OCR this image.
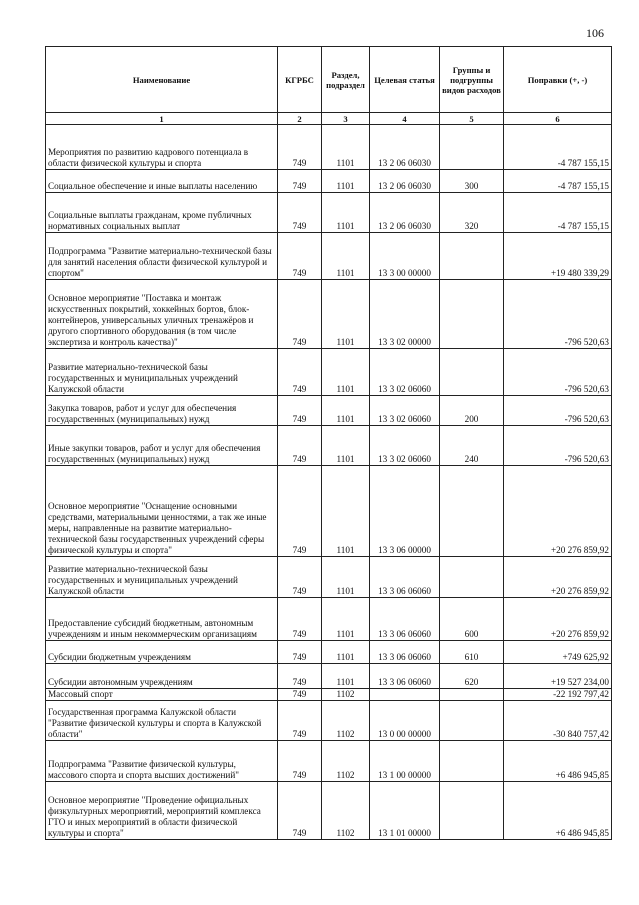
106
Наименование	КГРБС	Раздел, подраздел	Целевая статья	Группы и подгруппы видов расходов	Поправки (+, -)
1	2	3	4	5	6
Мероприятия по развитию кадрового потенциала в области физической культуры и спорта	749	1101	13 2 06 06030		-4 787 155,15
Социальное обеспечение и иные выплаты населению	749	1101	13 2 06 06030	300	-4 787 155,15
Социальные выплаты гражданам, кроме публичных нормативных социальных выплат	749	1101	13 2 06 06030	320	-4 787 155,15
Подпрограмма "Развитие материально-технической базы для занятий населения области физической культурой и спортом"	749	1101	13 3 00 00000		+19 480 339,29
Основное мероприятие "Поставка и монтаж искусственных покрытий, хоккейных бортов, блок-контейнеров, универсальных уличных тренажёров и другого спортивного оборудования (в том числе экспертиза и контроль качества)"	749	1101	13 3 02 00000		-796 520,63
Развитие материально-технической базы государственных и муниципальных учреждений Калужской области	749	1101	13 3 02 06060		-796 520,63
Закупка товаров, работ и услуг для обеспечения государственных (муниципальных) нужд	749	1101	13 3 02 06060	200	-796 520,63
Иные закупки товаров, работ и услуг для обеспечения государственных (муниципальных) нужд	749	1101	13 3 02 06060	240	-796 520,63
Основное мероприятие "Оснащение основными средствами, материальными ценностями, а так же иные меры, направленные на развитие материально-технической базы государственных учреждений сферы физической культуры и спорта"	749	1101	13 3 06 00000		+20 276 859,92
Развитие материально-технической базы государственных и муниципальных учреждений Калужской области	749	1101	13 3 06 06060		+20 276 859,92
Предоставление субсидий бюджетным, автономным учреждениям и иным некоммерческим организациям	749	1101	13 3 06 06060	600	+20 276 859,92
Субсидии бюджетным учреждениям	749	1101	13 3 06 06060	610	+749 625,92
Субсидии автономным учреждениям	749	1101	13 3 06 06060	620	+19 527 234,00
Массовый спорт	749	1102			-22 192 797,42
Государственная программа Калужской области "Развитие физической культуры и спорта в Калужской области"	749	1102	13 0 00 00000		-30 840 757,42
Подпрограмма "Развитие физической культуры, массового спорта и спорта высших достижений"	749	1102	13 1 00 00000		+6 486 945,85
Основное мероприятие "Проведение официальных физкультурных мероприятий, мероприятий комплекса ГТО и иных мероприятий в области физической культуры и спорта"	749	1102	13 1 01 00000		+6 486 945,85
